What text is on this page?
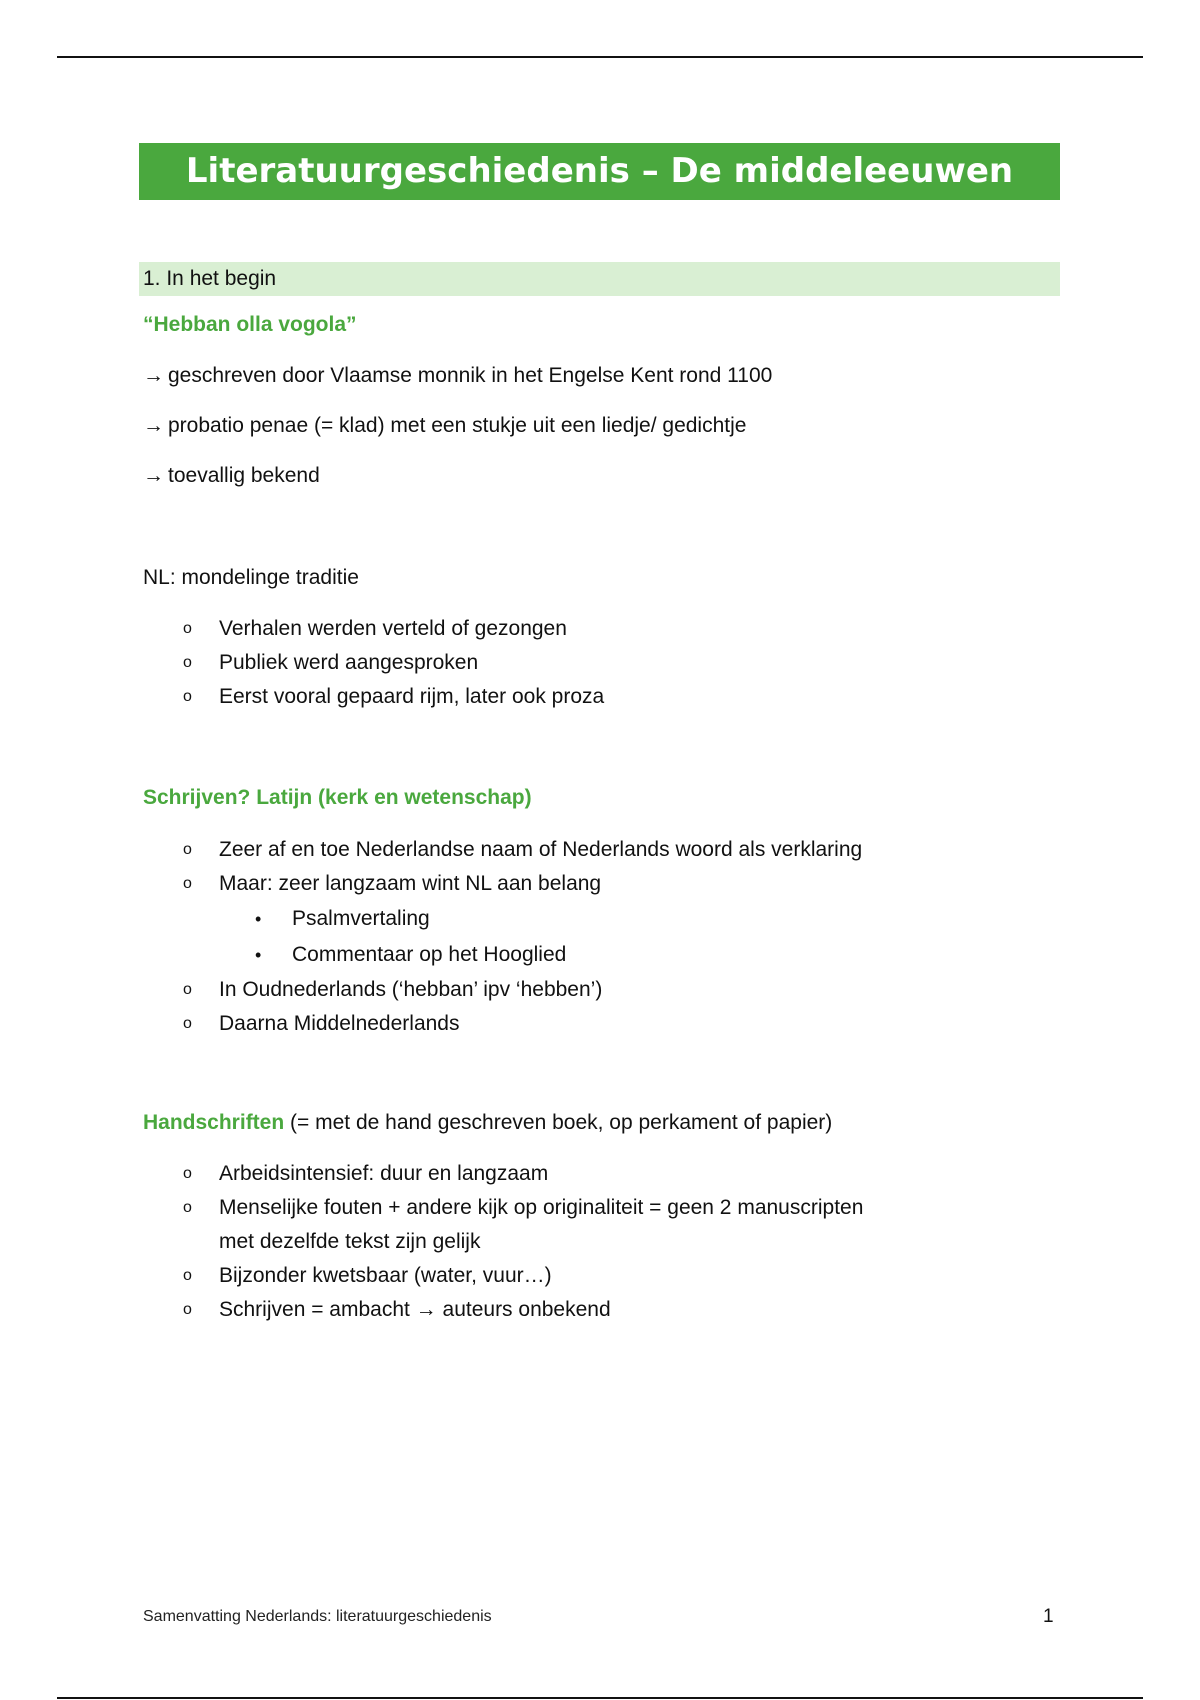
Literatuurgeschiedenis – De middeleeuwen
1. In het begin
“Hebban olla vogola”
→ geschreven door Vlaamse monnik in het Engelse Kent rond 1100
→ probatio penae (= klad) met een stukje uit een liedje/ gedichtje
→ toevallig bekend
NL: mondelinge traditie
o Verhalen werden verteld of gezongen
o Publiek werd aangesproken
o Eerst vooral gepaard rijm, later ook proza
Schrijven? Latijn (kerk en wetenschap)
o Zeer af en toe Nederlandse naam of Nederlands woord als verklaring
o Maar: zeer langzaam wint NL aan belang
• Psalmvertaling
• Commentaar op het Hooglied
o In Oudnederlands (‘hebban’ ipv ‘hebben’)
o Daarna Middelnederlands
Handschriften (= met de hand geschreven boek, op perkament of papier)
o Arbeidsintensief: duur en langzaam
o Menselijke fouten + andere kijk op originaliteit = geen 2 manuscripten met dezelfde tekst zijn gelijk
o Bijzonder kwetsbaar (water, vuur…)
o Schrijven = ambacht → auteurs onbekend
Samenvatting Nederlands: literatuurgeschiedenis	1
